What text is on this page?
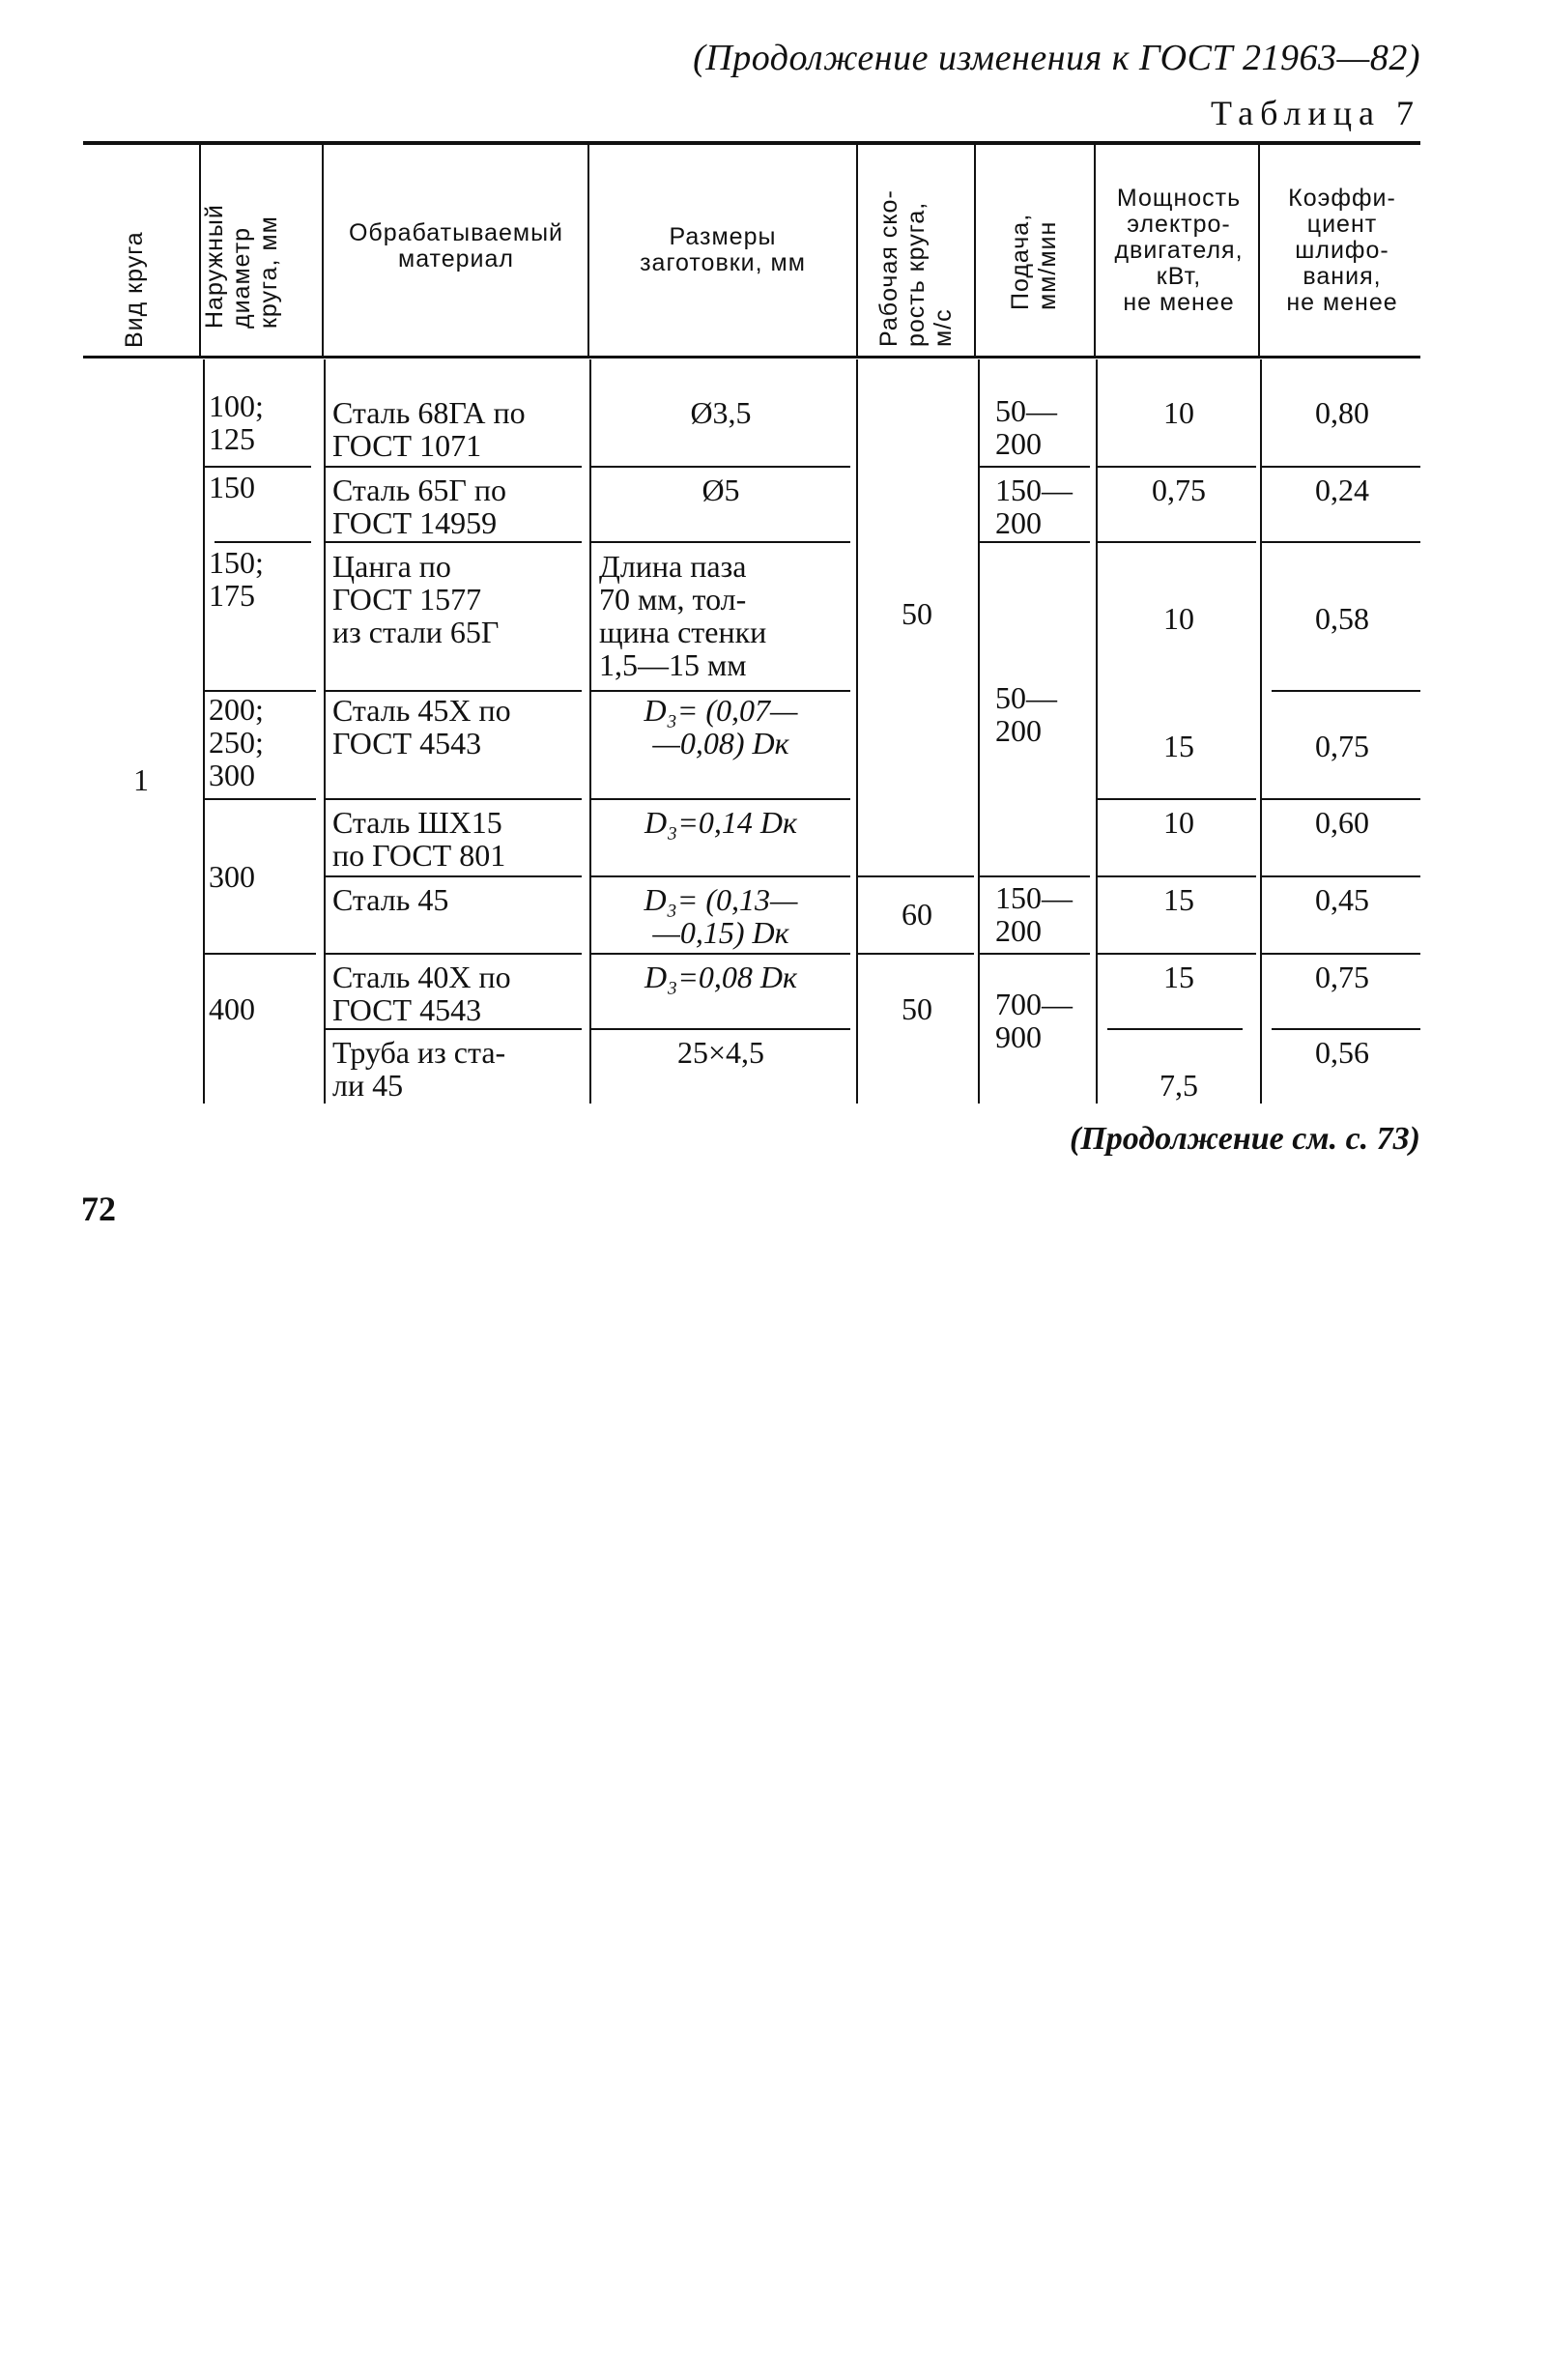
(Продолжение изменения к ГОСТ 21963—82)
Таблица 7
Вид круга Наружный
диаметр
круга, мм	Обрабатываемый
материал
Размеры
заготовки, мм	Рабочая ско-
рость круга,
м/с
Подача,
мм/мин
Мощность
электро-
двигателя,
кВт,
не менее
Коэффи-
циент
шлифо-
вания,
не менее
1
100;
125
150
150;
175
200;
250;
300
300
400
Сталь 68ГА по
ГОСТ 1071
Сталь 65Г по
ГОСТ 14959
Цанга по
ГОСТ 1577
из стали 65Г
Сталь 45Х по
ГОСТ 4543
Сталь ШХ15
по ГОСТ 801
Сталь 45
Сталь 40Х по
ГОСТ 4543
Труба из ста-
ли 45
Ø3,5
Ø5
Длина паза
70 мм, тол-
щина стенки
1,5—15 мм
D₃= (0,07—
—0,08) Dк
D₃=0,14 Dк
D₃= (0,13—
—0,15) Dк
D₃=0,08 Dк
25×4,5
50
60
50
50—
200
150—
200
50—
200
150—
200
700—
900
10
0,75
10
15
10
15
15
7,5
0,80
0,24
0,58
0,75
0,60
0,45
0,75
0,56
(Продолжение см. с. 73)
72
